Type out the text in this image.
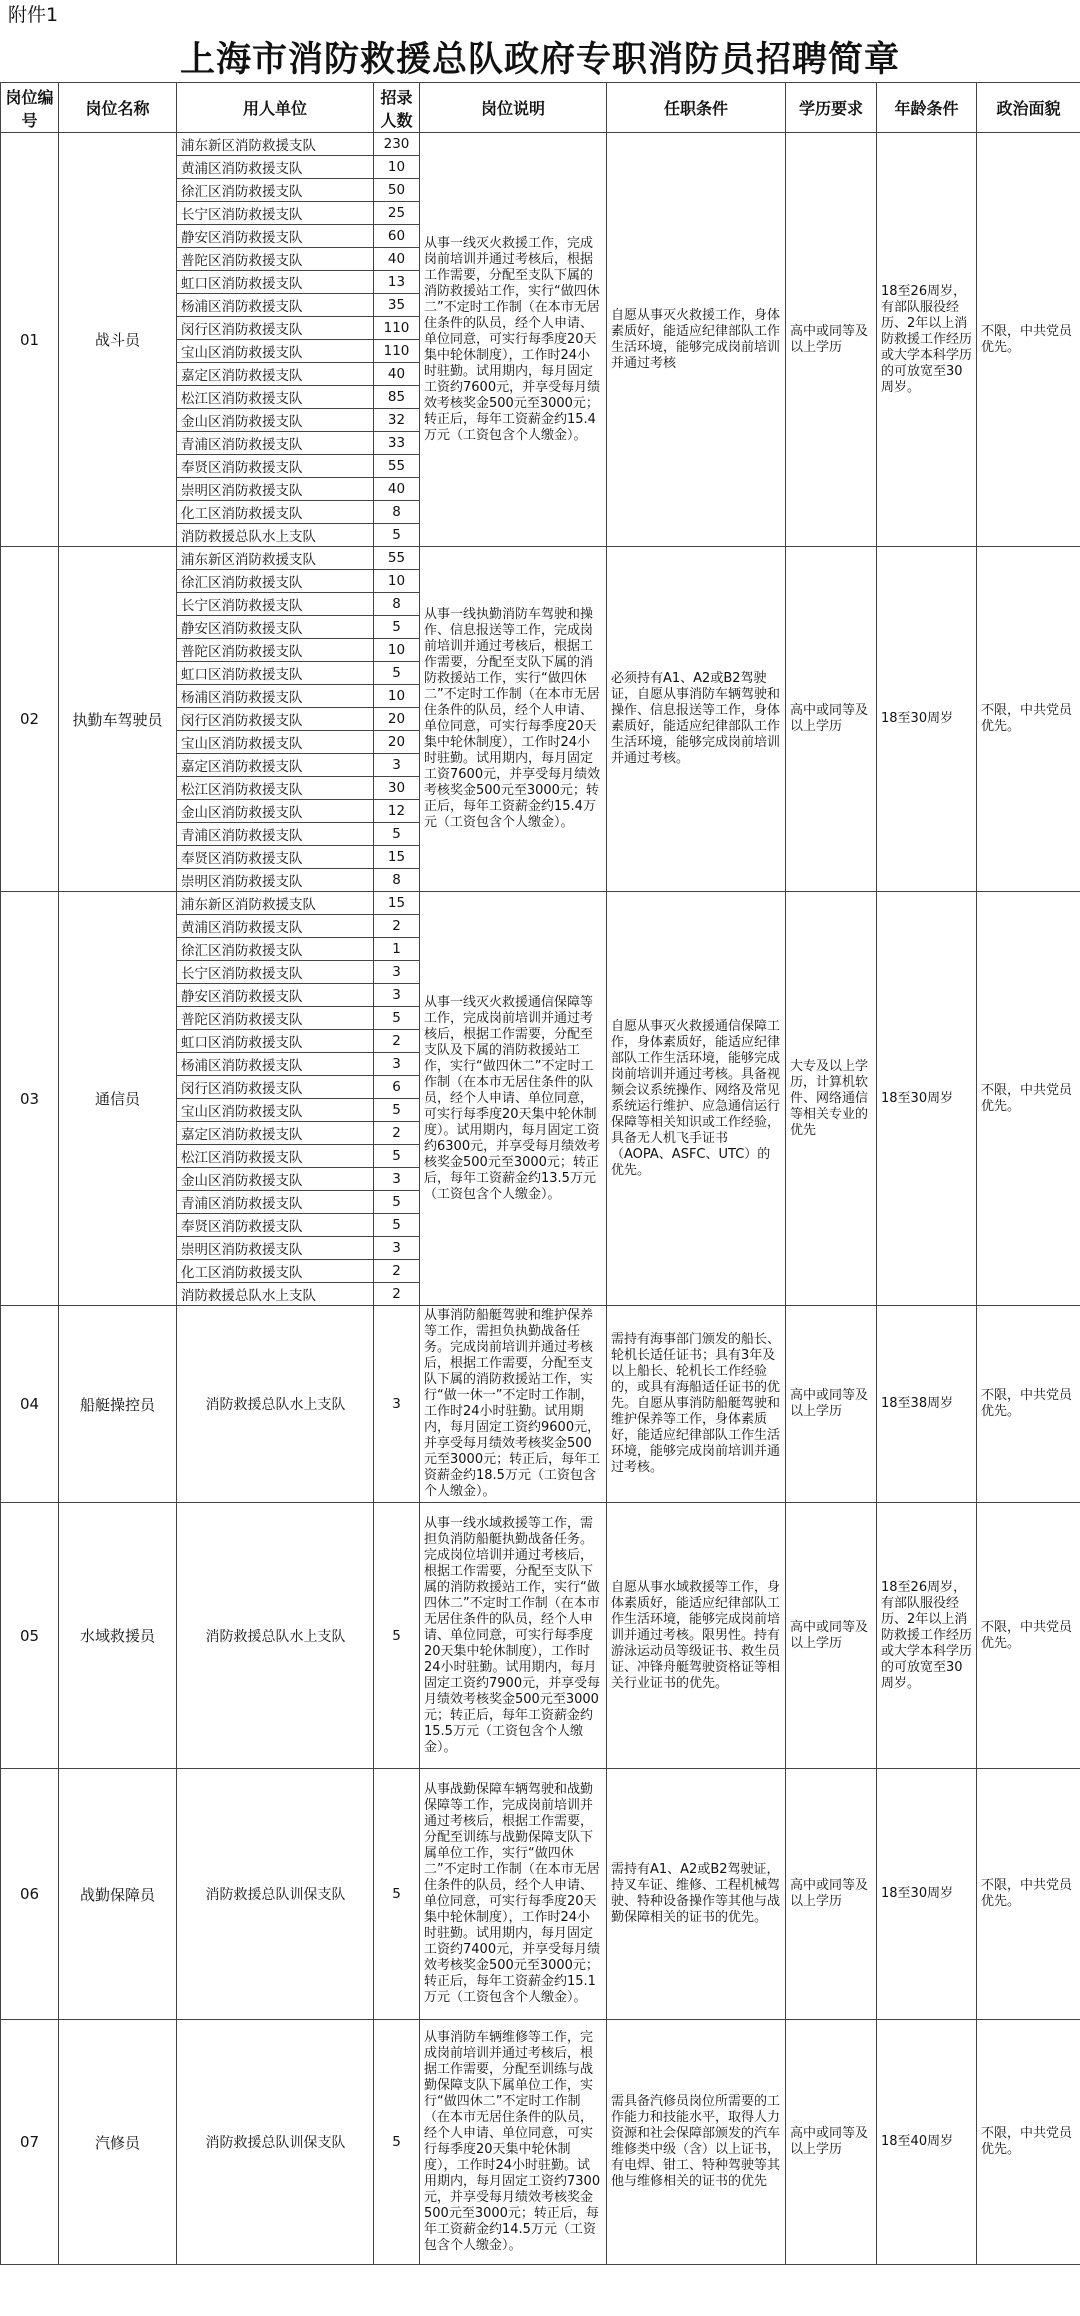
附件1
上海市消防救援总队政府专职消防员招聘简章
岗位编号	岗位名称	用人单位	招录人数	岗位说明	任职条件	学历要求	年龄条件	政治面貌
01	战斗员	浦东新区消防救援支队	230	从事一线灭火救援工作，完成岗前培训并通过考核后，根据工作需要，分配至支队下属的消防救援站工作，实行“做四休二”不定时工作制（在本市无居住条件的队员，经个人申请、单位同意，可实行每季度20天集中轮休制度），工作时24小时驻勤。试用期内，每月固定工资约7600元，并享受每月绩效考核奖金500元至3000元；转正后，每年工资薪金约15.4万元（工资包含个人缴金）。	自愿从事灭火救援工作，身体素质好，能适应纪律部队工作生活环境，能够完成岗前培训并通过考核	高中或同等及以上学历	18至26周岁，有部队服役经历、2年以上消防救援工作经历或大学本科学历的可放宽至30周岁。	不限，中共党员优先。
		黄浦区消防救援支队	10					
		徐汇区消防救援支队	50					
		长宁区消防救援支队	25					
		静安区消防救援支队	60					
		普陀区消防救援支队	40					
		虹口区消防救援支队	13					
		杨浦区消防救援支队	35					
		闵行区消防救援支队	110					
		宝山区消防救援支队	110					
		嘉定区消防救援支队	40					
		松江区消防救援支队	85					
		金山区消防救援支队	32					
		青浦区消防救援支队	33					
		奉贤区消防救援支队	55					
		崇明区消防救援支队	40					
		化工区消防救援支队	8					
		消防救援总队水上支队	5					
02	执勤车驾驶员	浦东新区消防救援支队	55	从事一线执勤消防车驾驶和操作、信息报送等工作，完成岗前培训并通过考核后，根据工作需要，分配至支队下属的消防救援站工作，实行“做四休二”不定时工作制（在本市无居住条件的队员，经个人申请、单位同意，可实行每季度20天集中轮休制度），工作时24小时驻勤。试用期内，每月固定工资7600元，并享受每月绩效考核奖金500元至3000元；转正后，每年工资薪金约15.4万元（工资包含个人缴金）。	必须持有A1、A2或B2驾驶证，自愿从事消防车辆驾驶和操作、信息报送等工作，身体素质好，能适应纪律部队工作生活环境，能够完成岗前培训并通过考核。	高中或同等及以上学历	18至30周岁	不限，中共党员优先。
		徐汇区消防救援支队	10					
		长宁区消防救援支队	8					
		静安区消防救援支队	5					
		普陀区消防救援支队	10					
		虹口区消防救援支队	5					
		杨浦区消防救援支队	10					
		闵行区消防救援支队	20					
		宝山区消防救援支队	20					
		嘉定区消防救援支队	3					
		松江区消防救援支队	30					
		金山区消防救援支队	12					
		青浦区消防救援支队	5					
		奉贤区消防救援支队	15					
		崇明区消防救援支队	8					
03	通信员	浦东新区消防救援支队	15	从事一线灭火救援通信保障等工作，完成岗前培训并通过考核后，根据工作需要，分配至支队及下属的消防救援站工作，实行“做四休二”不定时工作制（在本市无居住条件的队员，经个人申请、单位同意，可实行每季度20天集中轮休制度）。试用期内，每月固定工资约6300元，并享受每月绩效考核奖金500元至3000元；转正后，每年工资薪金约13.5万元（工资包含个人缴金）。	自愿从事灭火救援通信保障工作，身体素质好，能适应纪律部队工作生活环境，能够完成岗前培训并通过考核。具备视频会议系统操作、网络及常见系统运行维护、应急通信运行保障等相关知识或工作经验，具备无人机飞手证书（AOPA、ASFC、UTC）的优先。	大专及以上学历，计算机软件、网络通信等相关专业的优先	18至30周岁	不限，中共党员优先。
		黄浦区消防救援支队	2					
		徐汇区消防救援支队	1					
		长宁区消防救援支队	3					
		静安区消防救援支队	3					
		普陀区消防救援支队	5					
		虹口区消防救援支队	2					
		杨浦区消防救援支队	3					
		闵行区消防救援支队	6					
		宝山区消防救援支队	5					
		嘉定区消防救援支队	2					
		松江区消防救援支队	5					
		金山区消防救援支队	3					
		青浦区消防救援支队	5					
		奉贤区消防救援支队	5					
		崇明区消防救援支队	3					
		化工区消防救援支队	2					
		消防救援总队水上支队	2					
04	船艇操控员	消防救援总队水上支队	3	从事消防船艇驾驶和维护保养等工作，需担负执勤战备任务。完成岗前培训并通过考核后，根据工作需要，分配至支队下属的消防救援站工作，实行“做一休一”不定时工作制，工作时24小时驻勤。试用期内，每月固定工资约9600元，并享受每月绩效考核奖金500元至3000元；转正后，每年工资薪金约18.5万元（工资包含个人缴金）。	需持有海事部门颁发的船长、轮机长适任证书；具有3年及以上船长、轮机长工作经验的，或具有海船适任证书的优先。自愿从事消防船艇驾驶和维护保养等工作，身体素质好，能适应纪律部队工作生活环境，能够完成岗前培训并通过考核。	高中或同等及以上学历	18至38周岁	不限，中共党员优先。
05	水域救援员	消防救援总队水上支队	5	从事一线水域救援等工作，需担负消防船艇执勤战备任务。完成岗位培训并通过考核后，根据工作需要，分配至支队下属的消防救援站工作，实行“做四休二”不定时工作制（在本市无居住条件的队员，经个人申请、单位同意，可实行每季度20天集中轮休制度），工作时24小时驻勤。试用期内，每月固定工资约7900元，并享受每月绩效考核奖金500元至3000元；转正后，每年工资薪金约15.5万元（工资包含个人缴金）。	自愿从事水域救援等工作，身体素质好，能适应纪律部队工作生活环境，能够完成岗前培训并通过考核。限男性。持有游泳运动员等级证书、救生员证、冲锋舟艇驾驶资格证等相关行业证书的优先。	高中或同等及以上学历	18至26周岁，有部队服役经历、2年以上消防救援工作经历或大学本科学历的可放宽至30周岁。	不限，中共党员优先。
06	战勤保障员	消防救援总队训保支队	5	从事战勤保障车辆驾驶和战勤保障等工作，完成岗前培训并通过考核后，根据工作需要，分配至训练与战勤保障支队下属单位工作，实行“做四休二”不定时工作制（在本市无居住条件的队员，经个人申请、单位同意，可实行每季度20天集中轮休制度），工作时24小时驻勤。试用期内，每月固定工资约7400元，并享受每月绩效考核奖金500元至3000元；转正后，每年工资薪金约15.1万元（工资包含个人缴金）。	需持有A1、A2或B2驾驶证，持叉车证、维修、工程机械驾驶、特种设备操作等其他与战勤保障相关的证书的优先。	高中或同等及以上学历	18至30周岁	不限，中共党员优先。
07	汽修员	消防救援总队训保支队	5	从事消防车辆维修等工作，完成岗前培训并通过考核后，根据工作需要，分配至训练与战勤保障支队下属单位工作，实行“做四休二”不定时工作制（在本市无居住条件的队员，经个人申请、单位同意，可实行每季度20天集中轮休制度），工作时24小时驻勤。试用期内，每月固定工资约7300元，并享受每月绩效考核奖金500元至3000元；转正后，每年工资薪金约14.5万元（工资包含个人缴金）。	需具备汽修员岗位所需要的工作能力和技能水平，取得人力资源和社会保障部颁发的汽车维修类中级（含）以上证书，有电焊、钳工、特种驾驶等其他与维修相关的证书的优先	高中或同等及以上学历	18至40周岁	不限，中共党员优先。
